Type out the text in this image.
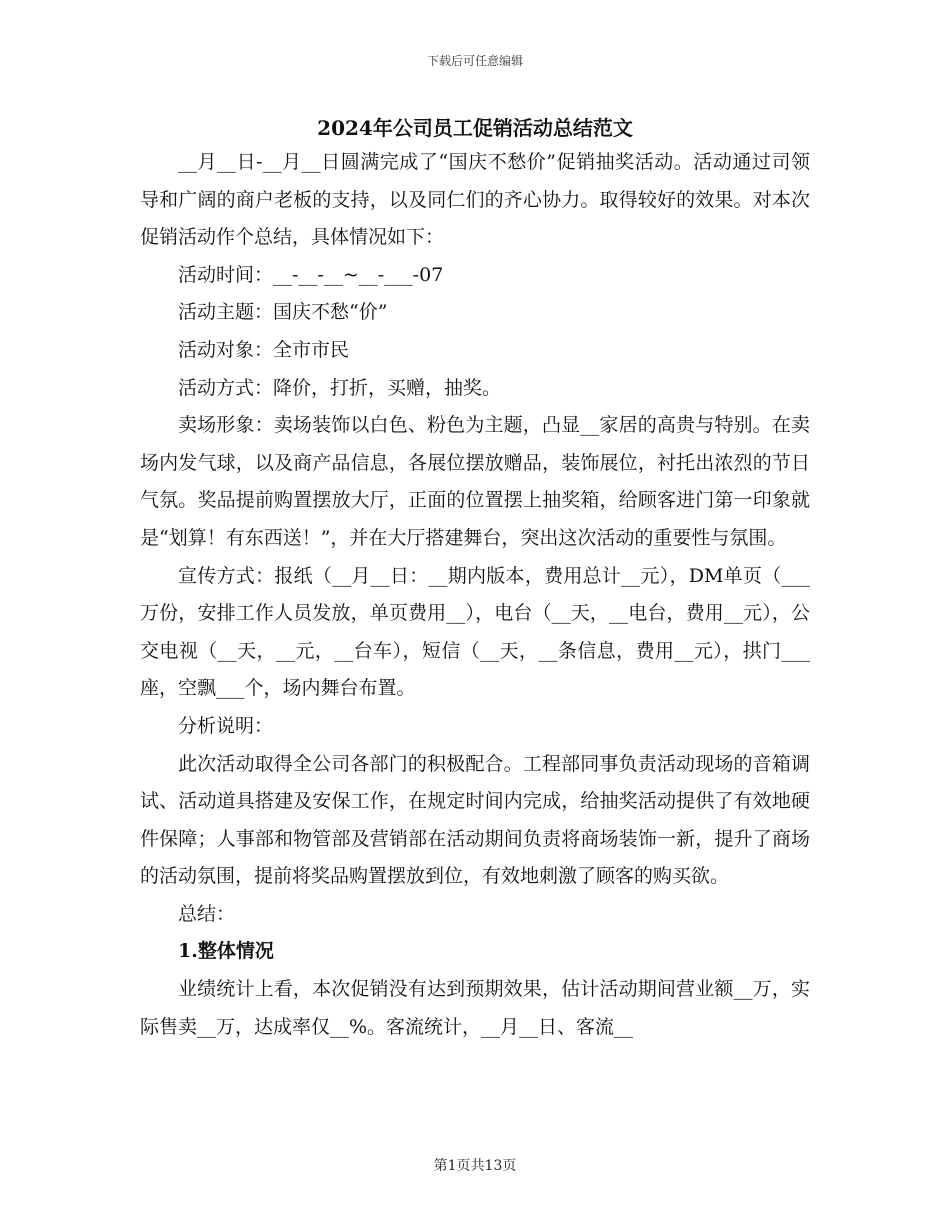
下载后可任意编辑
2024年公司员工促销活动总结范文

__月__日-__月__日圆满完成了“国庆不愁价”促销抽奖活动。活动通过司领导和广阔的商户老板的支持，以及同仁们的齐心协力。取得较好的效果。对本次促销活动作个总结，具体情况如下：

活动时间：__-__-__~__-___-07

活动主题：国庆不愁“价”

活动对象：全市市民

活动方式：降价，打折，买赠，抽奖。

卖场形象：卖场装饰以白色、粉色为主题，凸显__家居的高贵与特别。在卖场内发气球，以及商产品信息，各展位摆放赠品，装饰展位，衬托出浓烈的节日气氛。奖品提前购置摆放大厅，正面的位置摆上抽奖箱，给顾客进门第一印象就是“划算！有东西送！”，并在大厅搭建舞台，突出这次活动的重要性与氛围。

宣传方式：报纸（__月__日：__期内版本，费用总计__元），DM单页（___万份，安排工作人员发放，单页费用__），电台（__天，__电台，费用__元），公交电视（__天，__元，__台车），短信（__天，__条信息，费用__元），拱门___座，空飘___个，场内舞台布置。

分析说明：

此次活动取得全公司各部门的积极配合。工程部同事负责活动现场的音箱调试、活动道具搭建及安保工作，在规定时间内完成，给抽奖活动提供了有效地硬件保障；人事部和物管部及营销部在活动期间负责将商场装饰一新，提升了商场的活动氛围，提前将奖品购置摆放到位，有效地刺激了顾客的购买欲。

总结：

1.整体情况

业绩统计上看，本次促销没有达到预期效果，估计活动期间营业额__万，实际售卖__万，达成率仅__%。客流统计，__月__日、客流__

第1页共13页
